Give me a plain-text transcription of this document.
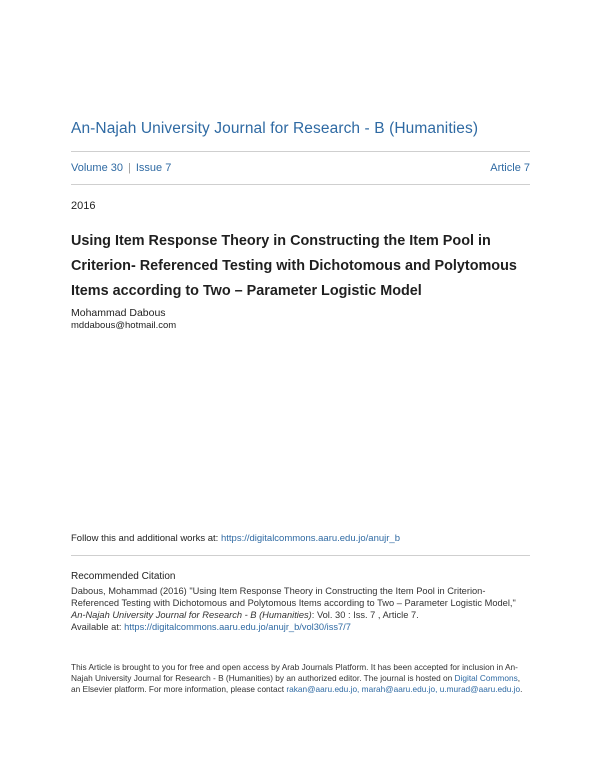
An-Najah University Journal for Research - B (Humanities)
Volume 30 | Issue 7	Article 7
2016
Using Item Response Theory in Constructing the Item Pool in Criterion- Referenced Testing with Dichotomous and Polytomous Items according to Two – Parameter Logistic Model
Mohammad Dabous
mddabous@hotmail.com
Follow this and additional works at: https://digitalcommons.aaru.edu.jo/anujr_b
Recommended Citation
Dabous, Mohammad (2016) "Using Item Response Theory in Constructing the Item Pool in Criterion-Referenced Testing with Dichotomous and Polytomous Items according to Two – Parameter Logistic Model," An-Najah University Journal for Research - B (Humanities): Vol. 30 : Iss. 7 , Article 7.
Available at: https://digitalcommons.aaru.edu.jo/anujr_b/vol30/iss7/7
This Article is brought to you for free and open access by Arab Journals Platform. It has been accepted for inclusion in An-Najah University Journal for Research - B (Humanities) by an authorized editor. The journal is hosted on Digital Commons, an Elsevier platform. For more information, please contact rakan@aaru.edu.jo, marah@aaru.edu.jo, u.murad@aaru.edu.jo.
